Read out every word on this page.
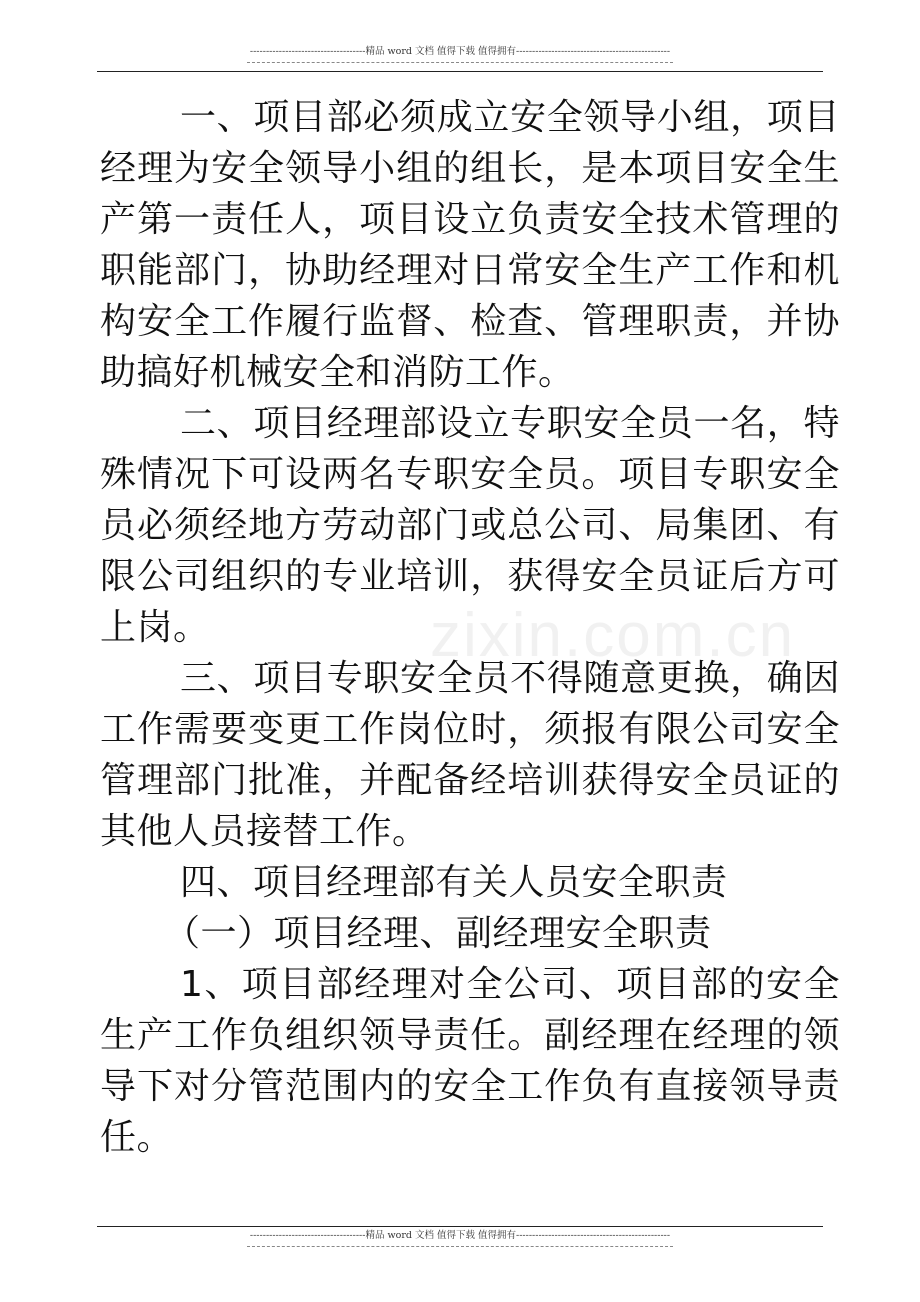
------------------------------------精品 word 文档 值得下载 值得拥有------------------------------------------------
zixin.com.cn

一、项目部必须成立安全领导小组，项目经理为安全领导小组的组长，是本项目安全生产第一责任人，项目设立负责安全技术管理的职能部门，协助经理对日常安全生产工作和机构安全工作履行监督、检查、管理职责，并协助搞好机械安全和消防工作。

二、项目经理部设立专职安全员一名，特殊情况下可设两名专职安全员。项目专职安全员必须经地方劳动部门或总公司、局集团、有限公司组织的专业培训，获得安全员证后方可上岗。

三、项目专职安全员不得随意更换，确因工作需要变更工作岗位时，须报有限公司安全管理部门批准，并配备经培训获得安全员证的其他人员接替工作。

四、项目经理部有关人员安全职责

（一）项目经理、副经理安全职责

1、项目部经理对全公司、项目部的安全生产工作负组织领导责任。副经理在经理的领导下对分管范围内的安全工作负有直接领导责任。

------------------------------------精品 word 文档 值得下载 值得拥有------------------------------------------------
